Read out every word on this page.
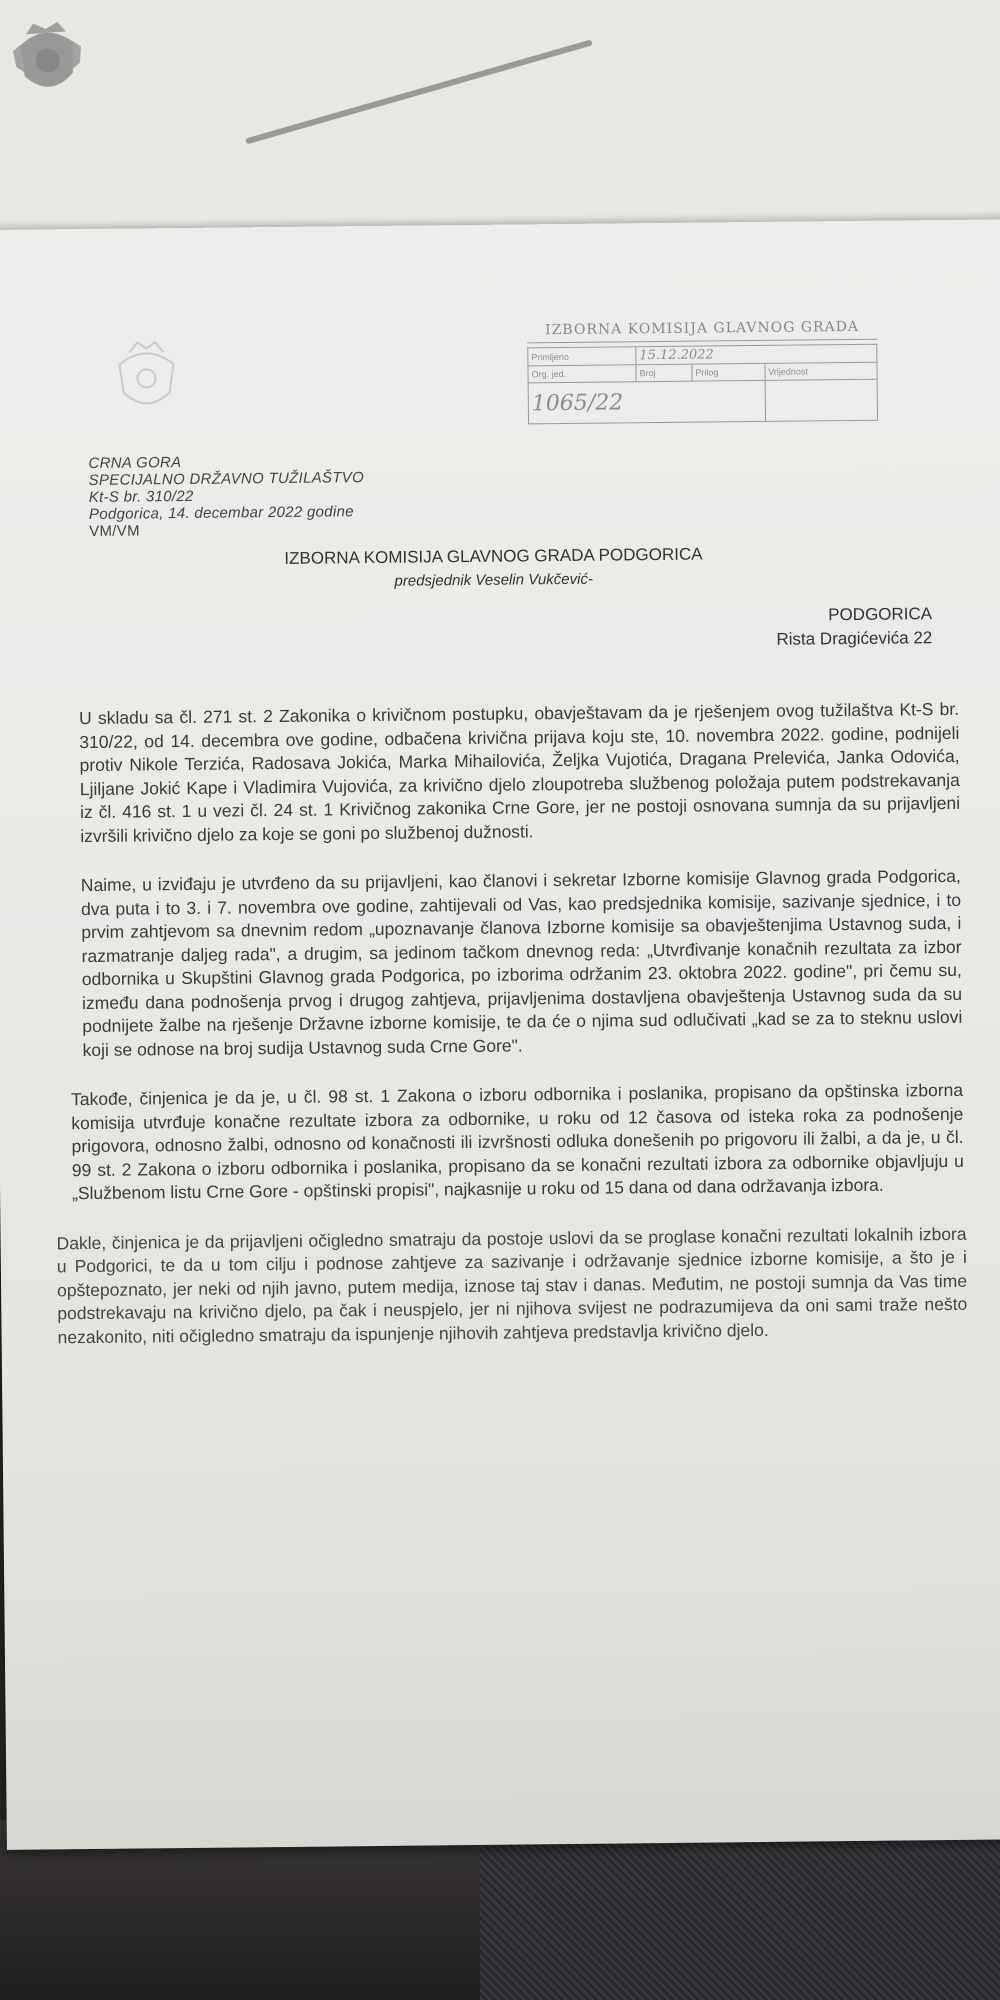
IZBORNA KOMISIJA GLAVNOG GRADA
Primljeno	15.12.2022		
Org. jed.	Broj	Prilog	Vrijednost
1065/22			
CRNA GORA
SPECIJALNO DRŽAVNO TUŽILAŠTVO
Kt-S br. 310/22
Podgorica, 14. decembar 2022 godine
VM/VM
IZBORNA KOMISIJA GLAVNOG GRADA PODGORICA
predsjednik Veselin Vukčević-
PODGORICA
Rista Dragićevića 22

U skladu sa čl. 271 st. 2 Zakonika o krivičnom postupku, obavještavam da je rješenjem ovog tužilaštva Kt-S br. 310/22, od 14. decembra ove godine, odbačena krivična prijava koju ste, 10. novembra 2022. godine, podnijeli protiv Nikole Terzića, Radosava Jokića, Marka Mihailovića, Željka Vujotića, Dragana Prelevića, Janka Odovića, Ljiljane Jokić Kape i Vladimira Vujovića, za krivično djelo zloupotreba službenog položaja putem podstrekavanja iz čl. 416 st. 1 u vezi čl. 24 st. 1 Krivičnog zakonika Crne Gore, jer ne postoji osnovana sumnja da su prijavljeni izvršili krivično djelo za koje se goni po službenoj dužnosti.

Naime, u izviđaju je utvrđeno da su prijavljeni, kao članovi i sekretar Izborne komisije Glavnog grada Podgorica, dva puta i to 3. i 7. novembra ove godine, zahtijevali od Vas, kao predsjednika komisije, sazivanje sjednice, i to prvim zahtjevom sa dnevnim redom „upoznavanje članova Izborne komisije sa obavještenjima Ustavnog suda, i razmatranje daljeg rada", a drugim, sa jedinom tačkom dnevnog reda: „Utvrđivanje konačnih rezultata za izbor odbornika u Skupštini Glavnog grada Podgorica, po izborima održanim 23. oktobra 2022. godine", pri čemu su, između dana podnošenja prvog i drugog zahtjeva, prijavljenima dostavljena obavještenja Ustavnog suda da su podnijete žalbe na rješenje Državne izborne komisije, te da će o njima sud odlučivati „kad se za to steknu uslovi koji se odnose na broj sudija Ustavnog suda Crne Gore".

Takođe, činjenica je da je, u čl. 98 st. 1 Zakona o izboru odbornika i poslanika, propisano da opštinska izborna komisija utvrđuje konačne rezultate izbora za odbornike, u roku od 12 časova od isteka roka za podnošenje prigovora, odnosno žalbi, odnosno od konačnosti ili izvršnosti odluka donešenih po prigovoru ili žalbi, a da je, u čl. 99 st. 2 Zakona o izboru odbornika i poslanika, propisano da se konačni rezultati izbora za odbornike objavljuju u „Službenom listu Crne Gore - opštinski propisi", najkasnije u roku od 15 dana od dana održavanja izbora.

Dakle, činjenica je da prijavljeni očigledno smatraju da postoje uslovi da se proglase konačni rezultati lokalnih izbora u Podgorici, te da u tom cilju i podnose zahtjeve za sazivanje i održavanje sjednice izborne komisije, a što je i opštepoznato, jer neki od njih javno, putem medija, iznose taj stav i danas. Međutim, ne postoji sumnja da Vas time podstrekavaju na krivično djelo, pa čak i neuspjelo, jer ni njihova svijest ne podrazumijeva da oni sami traže nešto nezakonito, niti očigledno smatraju da ispunjenje njihovih zahtjeva predstavlja krivično djelo.
